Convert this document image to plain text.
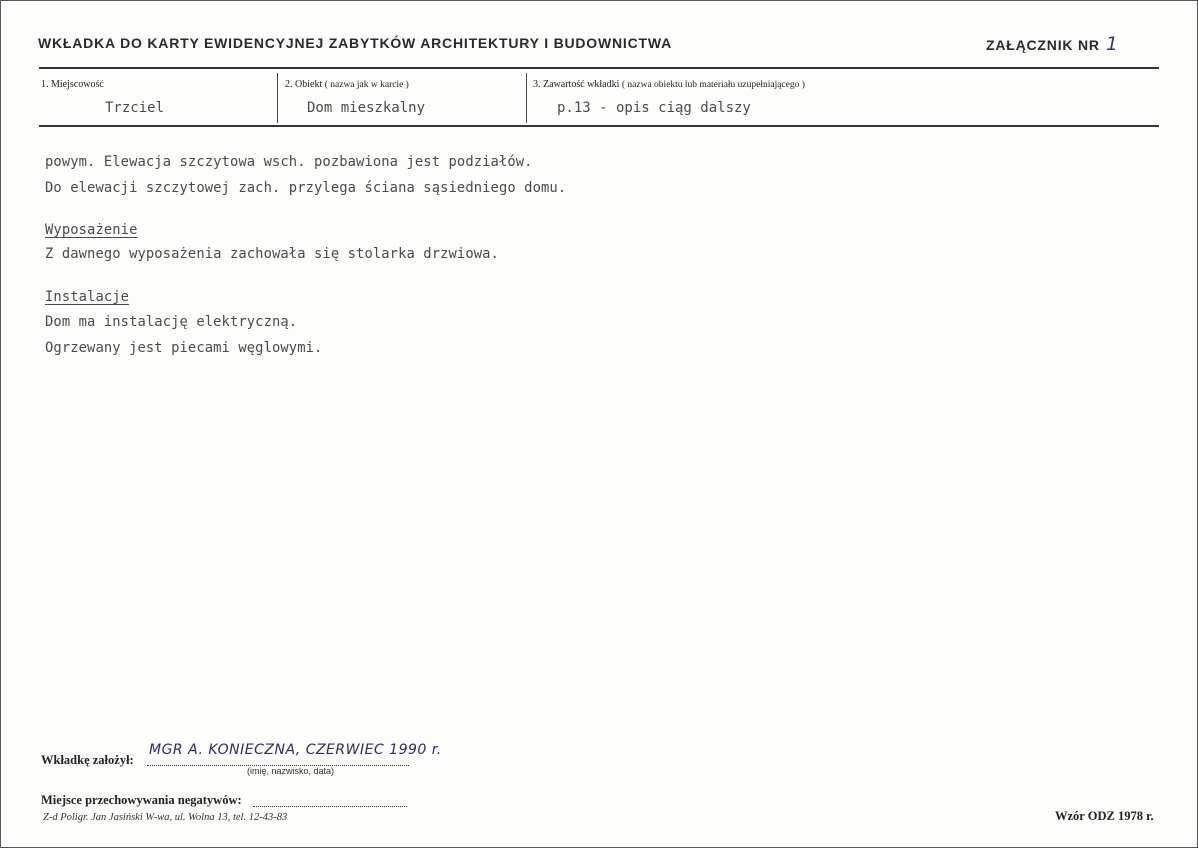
WKŁADKA DO KARTY EWIDENCYJNEJ ZABYTKÓW ARCHITEKTURY I BUDOWNICTWA	ZAŁĄCZNIK NR 1
1. Miejscowość
Trzciel
2. Obiekt ( nazwa jak w karcie )
Dom mieszkalny
3. Zawartość wkładki ( nazwa obiektu lub materiału uzupełniającego )
p.13 - opis ciąg dalszy
powym. Elewacja szczytowa wsch. pozbawiona jest podziałów.
Do elewacji szczytowej zach. przylega ściana sąsiedniego domu.
Wyposażenie
Z dawnego wyposażenia zachowała się stolarka drzwiowa.
Instalacje
Dom ma instalację elektryczną.
Ogrzewany jest piecami węglowymi.
Wkładkę założył:
MGR A. KONIECZNA, CZERWIEC 1990 r.
(imię, nazwisko, data)
Miejsce przechowywania negatywów:
Z-d Poligr. Jan Jasiński W-wa, ul. Wolna 13, tel. 12-43-83	Wzór ODZ 1978 r.
